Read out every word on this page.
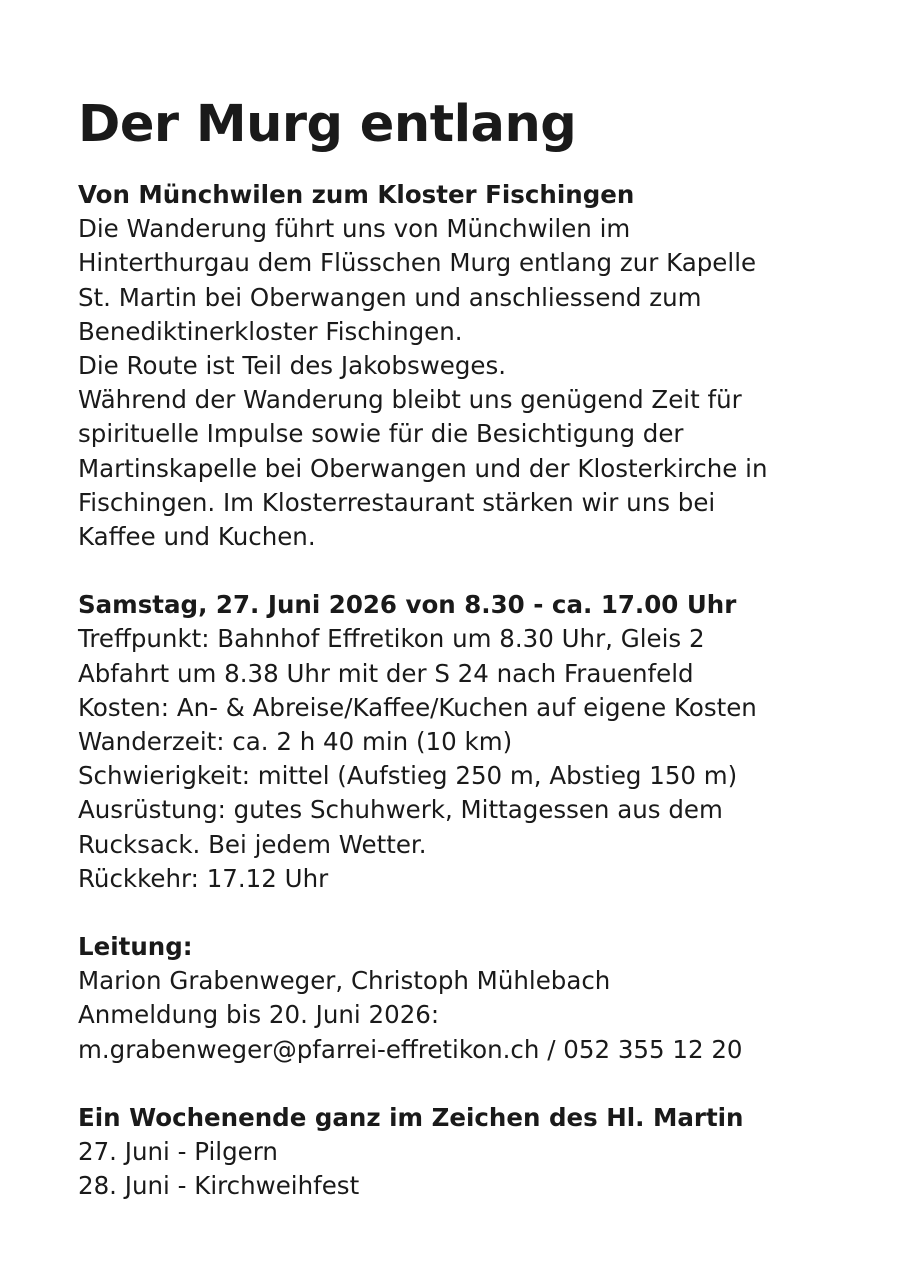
Der Murg entlang

Von Münchwilen zum Kloster Fischingen

Die Wanderung führt uns von Münchwilen im

Hinterthurgau dem Flüsschen Murg entlang zur Kapelle

St. Martin bei Oberwangen und anschliessend zum

Benediktinerkloster Fischingen.

Die Route ist Teil des Jakobsweges.

Während der Wanderung bleibt uns genügend Zeit für

spirituelle Impulse sowie für die Besichtigung der

Martinskapelle bei Oberwangen und der Klosterkirche in

Fischingen. Im Klosterrestaurant stärken wir uns bei

Kaffee und Kuchen.

Samstag, 27. Juni 2026 von 8.30 - ca. 17.00 Uhr

Treffpunkt: Bahnhof Effretikon um 8.30 Uhr, Gleis 2

Abfahrt um 8.38 Uhr mit der S 24 nach Frauenfeld

Kosten: An- & Abreise/Kaffee/Kuchen auf eigene Kosten

Wanderzeit: ca. 2 h 40 min (10 km)

Schwierigkeit: mittel (Aufstieg 250 m, Abstieg 150 m)

Ausrüstung: gutes Schuhwerk, Mittagessen aus dem

Rucksack. Bei jedem Wetter.

Rückkehr: 17.12 Uhr

Leitung:

Marion Grabenweger, Christoph Mühlebach

Anmeldung bis 20. Juni 2026:

m.grabenweger@pfarrei-effretikon.ch / 052 355 12 20

Ein Wochenende ganz im Zeichen des Hl. Martin

27. Juni - Pilgern

28. Juni - Kirchweihfest
